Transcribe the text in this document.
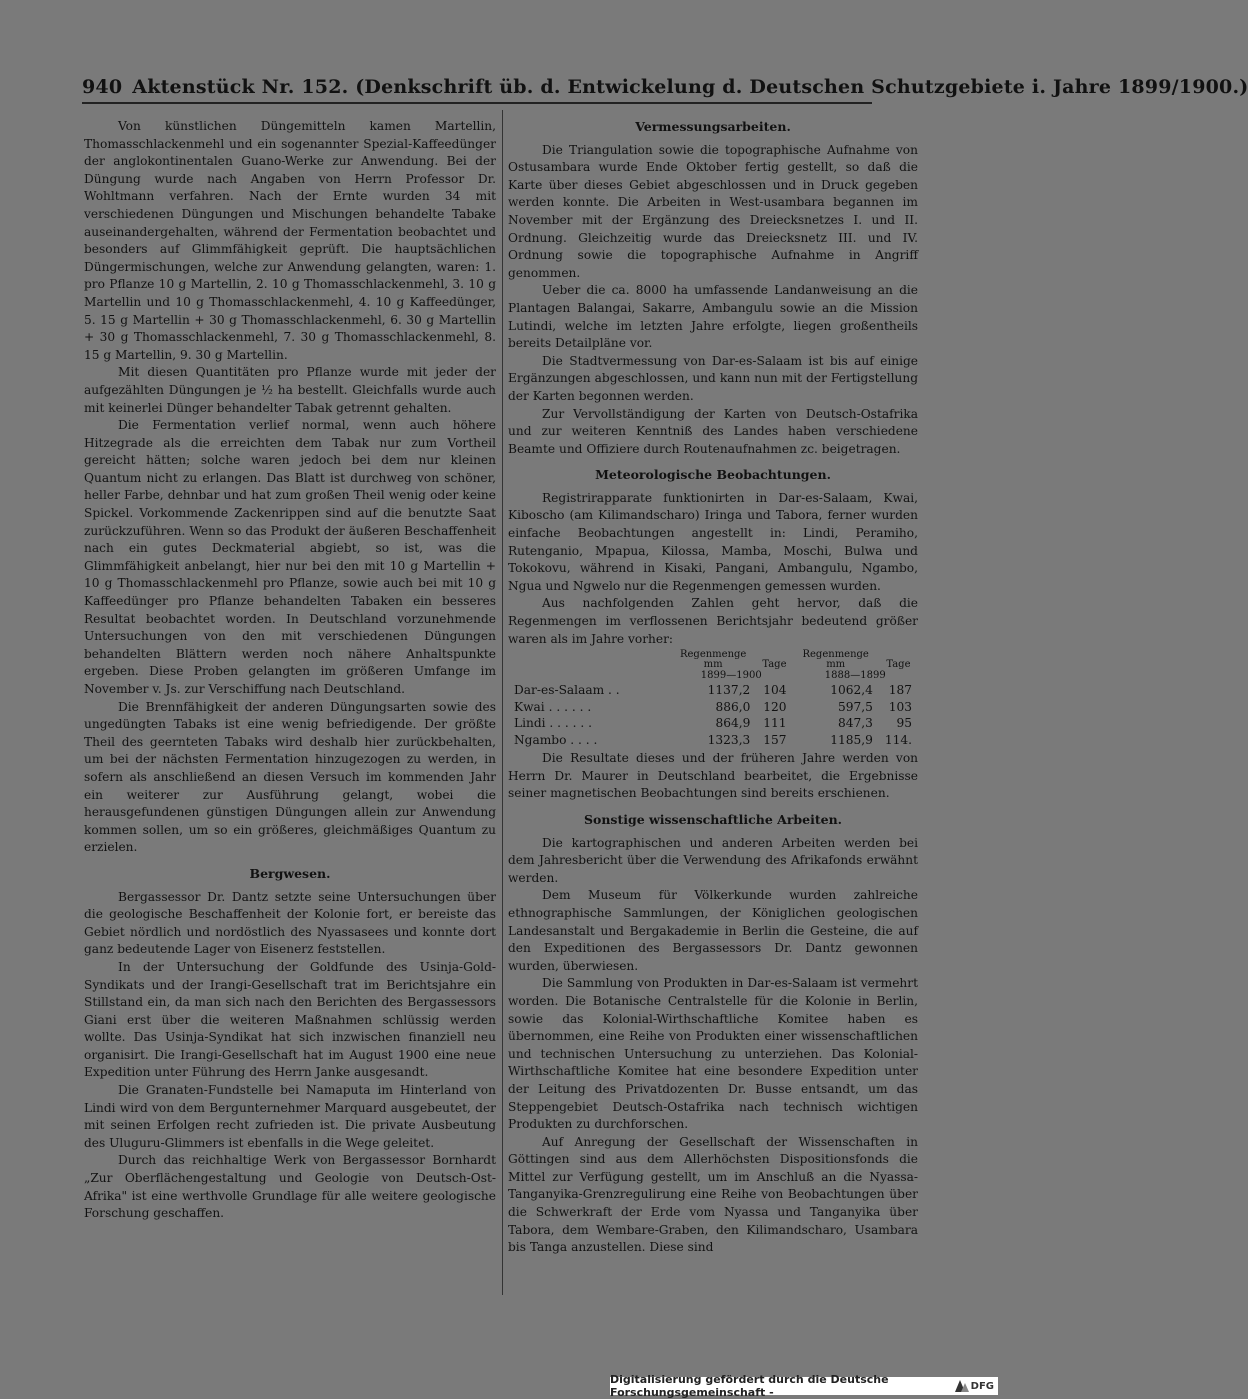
940 Aktenstück Nr. 152. (Denkschrift üb. d. Entwickelung d. Deutschen Schutzgebiete i. Jahre 1899/1900.)

Von künstlichen Düngemitteln kamen Martellin, Thomasschlackenmehl und ein sogenannter Spezial-Kaffeedünger der anglokontinentalen Guano-Werke zur Anwendung. Bei der Düngung wurde nach Angaben von Herrn Professor Dr. Wohltmann verfahren. Nach der Ernte wurden 34 mit verschiedenen Düngungen und Mischungen behandelte Tabake auseinandergehalten, während der Fermentation beobachtet und besonders auf Glimmfähigkeit geprüft. Die hauptsächlichen Düngermischungen, welche zur Anwendung gelangten, waren: 1. pro Pflanze 10 g Martellin, 2. 10 g Thomasschlackenmehl, 3. 10 g Martellin und 10 g Thomasschlackenmehl, 4. 10 g Kaffeedünger, 5. 15 g Martellin + 30 g Thomasschlackenmehl, 6. 30 g Martellin + 30 g Thomasschlackenmehl, 7. 30 g Thomasschlackenmehl, 8. 15 g Martellin, 9. 30 g Martellin.

Mit diesen Quantitäten pro Pflanze wurde mit jeder der aufgezählten Düngungen je ½ ha bestellt. Gleichfalls wurde auch mit keinerlei Dünger behandelter Tabak getrennt gehalten.

Die Fermentation verlief normal, wenn auch höhere Hitzegrade als die erreichten dem Tabak nur zum Vortheil gereicht hätten; solche waren jedoch bei dem nur kleinen Quantum nicht zu erlangen. Das Blatt ist durchweg von schöner, heller Farbe, dehnbar und hat zum großen Theil wenig oder keine Spickel. Vorkommende Zackenrippen sind auf die benutzte Saat zurückzuführen. Wenn so das Produkt der äußeren Beschaffenheit nach ein gutes Deckmaterial abgiebt, so ist, was die Glimmfähigkeit anbelangt, hier nur bei den mit 10 g Martellin + 10 g Thomasschlackenmehl pro Pflanze, sowie auch bei mit 10 g Kaffeedünger pro Pflanze behandelten Tabaken ein besseres Resultat beobachtet worden. In Deutschland vorzunehmende Untersuchungen von den mit verschiedenen Düngungen behandelten Blättern werden noch nähere Anhaltspunkte ergeben. Diese Proben gelangten im größeren Umfange im November v. Js. zur Verschiffung nach Deutschland.

Die Brennfähigkeit der anderen Düngungsarten sowie des ungedüngten Tabaks ist eine wenig befriedigende. Der größte Theil des geernteten Tabaks wird deshalb hier zurückbehalten, um bei der nächsten Fermentation hinzugezogen zu werden, in sofern als anschließend an diesen Versuch im kommenden Jahr ein weiterer zur Ausführung gelangt, wobei die herausgefundenen günstigen Düngungen allein zur Anwendung kommen sollen, um so ein größeres, gleichmäßiges Quantum zu erzielen.

Bergwesen.

Bergassessor Dr. Dantz setzte seine Untersuchungen über die geologische Beschaffenheit der Kolonie fort, er bereiste das Gebiet nördlich und nordöstlich des Nyassasees und konnte dort ganz bedeutende Lager von Eisenerz feststellen.

In der Untersuchung der Goldfunde des Usinja-Gold-Syndikats und der Irangi-Gesellschaft trat im Berichtsjahre ein Stillstand ein, da man sich nach den Berichten des Bergassessors Giani erst über die weiteren Maßnahmen schlüssig werden wollte. Das Usinja-Syndikat hat sich inzwischen finanziell neu organisirt. Die Irangi-Gesellschaft hat im August 1900 eine neue Expedition unter Führung des Herrn Janke ausgesandt.

Die Granaten-Fundstelle bei Namaputa im Hinterland von Lindi wird von dem Bergunternehmer Marquard ausgebeutet, der mit seinen Erfolgen recht zufrieden ist. Die private Ausbeutung des Uluguru-Glimmers ist ebenfalls in die Wege geleitet.

Durch das reichhaltige Werk von Bergassessor Bornhardt „Zur Oberflächengestaltung und Geologie von Deutsch-Ost-Afrika" ist eine werthvolle Grundlage für alle weitere geologische Forschung geschaffen.

Vermessungsarbeiten.

Die Triangulation sowie die topographische Aufnahme von Ostusambara wurde Ende Oktober fertig gestellt, so daß die Karte über dieses Gebiet abgeschlossen und in Druck gegeben werden konnte. Die Arbeiten in West-usambara begannen im November mit der Ergänzung des Dreiecksnetzes I. und II. Ordnung. Gleichzeitig wurde das Dreiecksnetz III. und IV. Ordnung sowie die topographische Aufnahme in Angriff genommen.

Ueber die ca. 8000 ha umfassende Landanweisung an die Plantagen Balangai, Sakarre, Ambangulu sowie an die Mission Lutindi, welche im letzten Jahre erfolgte, liegen großentheils bereits Detailpläne vor.

Die Stadtvermessung von Dar-es-Salaam ist bis auf einige Ergänzungen abgeschlossen, und kann nun mit der Fertigstellung der Karten begonnen werden.

Zur Vervollständigung der Karten von Deutsch-Ostafrika und zur weiteren Kenntniß des Landes haben verschiedene Beamte und Offiziere durch Routenaufnahmen zc. beigetragen.

Meteorologische Beobachtungen.

Registrirapparate funktionirten in Dar-es-Salaam, Kwai, Kiboscho (am Kilimandscharo) Iringa und Tabora, ferner wurden einfache Beobachtungen angestellt in: Lindi, Peramiho, Rutenganio, Mpapua, Kilossa, Mamba, Moschi, Bulwa und Tokokovu, während in Kisaki, Pangani, Ambangulu, Ngambo, Ngua und Ngwelo nur die Regenmengen gemessen wurden.

Aus nachfolgenden Zahlen geht hervor, daß die Regenmengen im verflossenen Berichtsjahr bedeutend größer waren als im Jahre vorher:

	Regenmenge mm	Tage	Regenmenge mm	Tage
	1899—1900		1888—1899	
Dar-es-Salaam . .	1137,2	104	1062,4	187
Kwai . . . . . .	886,0	120	597,5	103
Lindi . . . . . .	864,9	111	847,3	95
Ngambo . . . .	1323,3	157	1185,9	114.

Die Resultate dieses und der früheren Jahre werden von Herrn Dr. Maurer in Deutschland bearbeitet, die Ergebnisse seiner magnetischen Beobachtungen sind bereits erschienen.

Sonstige wissenschaftliche Arbeiten.

Die kartographischen und anderen Arbeiten werden bei dem Jahresbericht über die Verwendung des Afrikafonds erwähnt werden.

Dem Museum für Völkerkunde wurden zahlreiche ethnographische Sammlungen, der Königlichen geologischen Landesanstalt und Bergakademie in Berlin die Gesteine, die auf den Expeditionen des Bergassessors Dr. Dantz gewonnen wurden, überwiesen.

Die Sammlung von Produkten in Dar-es-Salaam ist vermehrt worden. Die Botanische Centralstelle für die Kolonie in Berlin, sowie das Kolonial-Wirthschaftliche Komitee haben es übernommen, eine Reihe von Produkten einer wissenschaftlichen und technischen Untersuchung zu unterziehen. Das Kolonial-Wirthschaftliche Komitee hat eine besondere Expedition unter der Leitung des Privatdozenten Dr. Busse entsandt, um das Steppengebiet Deutsch-Ostafrika nach technisch wichtigen Produkten zu durchforschen.

Auf Anregung der Gesellschaft der Wissenschaften in Göttingen sind aus dem Allerhöchsten Dispositionsfonds die Mittel zur Verfügung gestellt, um im Anschluß an die Nyassa-Tanganyika-Grenzregulirung eine Reihe von Beobachtungen über die Schwerkraft der Erde vom Nyassa und Tanganyika über Tabora, dem Wembare-Graben, den Kilimandscharo, Usambara bis Tanga anzustellen. Diese sind

Digitalisierung gefördert durch die Deutsche Forschungsgemeinschaft -	DFG
